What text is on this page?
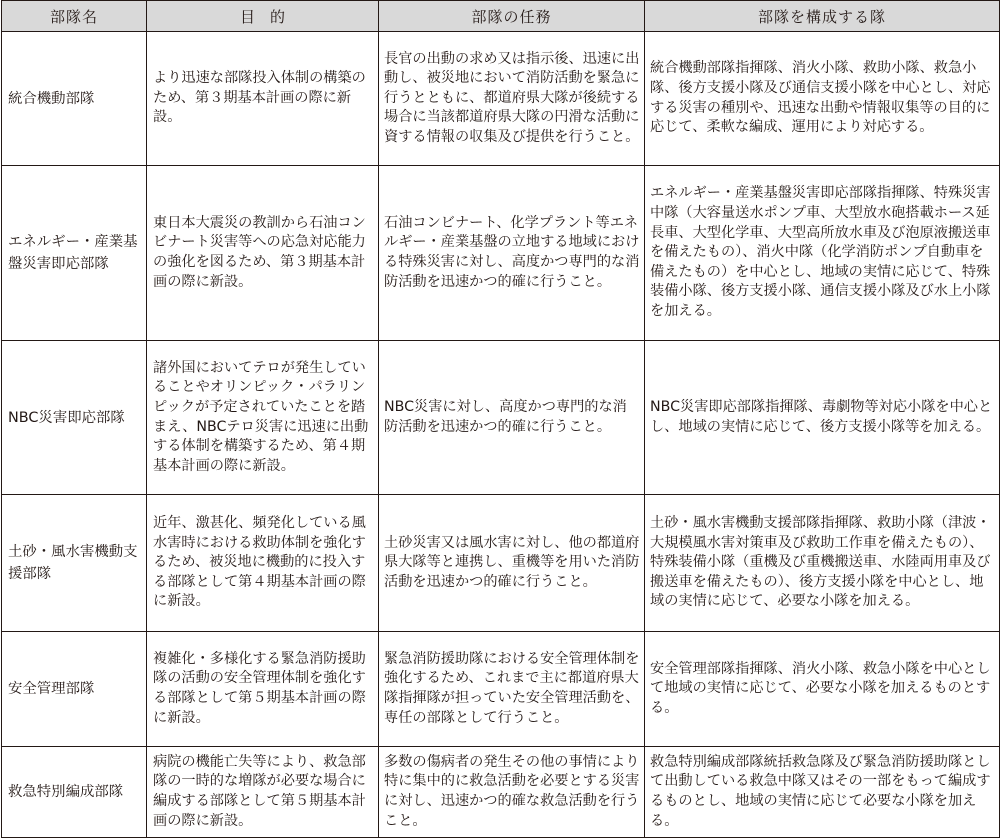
部隊名	目　的	部隊の任務	部隊を構成する隊
統合機動部隊	より迅速な部隊投入体制の構築のため、第３期基本計画の際に新設。	長官の出動の求め又は指示後、迅速に出動し、被災地において消防活動を緊急に行うとともに、都道府県大隊が後続する場合に当該都道府県大隊の円滑な活動に資する情報の収集及び提供を行うこと。	統合機動部隊指揮隊、消火小隊、救助小隊、救急小隊、後方支援小隊及び通信支援小隊を中心とし、対応する災害の種別や、迅速な出動や情報収集等の目的に応じて、柔軟な編成、運用により対応する。
エネルギー・産業基盤災害即応部隊	東日本大震災の教訓から石油コンビナート災害等への応急対応能力の強化を図るため、第３期基本計画の際に新設。	石油コンビナート、化学プラント等エネルギー・産業基盤の立地する地域における特殊災害に対し、高度かつ専門的な消防活動を迅速かつ的確に行うこと。	エネルギー・産業基盤災害即応部隊指揮隊、特殊災害中隊（大容量送水ポンプ車、大型放水砲搭載ホース延長車、大型化学車、大型高所放水車及び泡原液搬送車を備えたもの）、消火中隊（化学消防ポンプ自動車を備えたもの）を中心とし、地域の実情に応じて、特殊装備小隊、後方支援小隊、通信支援小隊及び水上小隊を加える。
NBC災害即応部隊	諸外国においてテロが発生していることやオリンピック・パラリンピックが予定されていたことを踏まえ、NBCテロ災害に迅速に出動する体制を構築するため、第４期基本計画の際に新設。	NBC災害に対し、高度かつ専門的な消防活動を迅速かつ的確に行うこと。	NBC災害即応部隊指揮隊、毒劇物等対応小隊を中心とし、地域の実情に応じて、後方支援小隊等を加える。
土砂・風水害機動支援部隊	近年、激甚化、頻発化している風水害時における救助体制を強化するため、被災地に機動的に投入する部隊として第４期基本計画の際に新設。	土砂災害又は風水害に対し、他の都道府県大隊等と連携し、重機等を用いた消防活動を迅速かつ的確に行うこと。	土砂・風水害機動支援部隊指揮隊、救助小隊（津波・大規模風水害対策車及び救助工作車を備えたもの）、特殊装備小隊（重機及び重機搬送車、水陸両用車及び搬送車を備えたもの）、後方支援小隊を中心とし、地域の実情に応じて、必要な小隊を加える。
安全管理部隊	複雑化・多様化する緊急消防援助隊の活動の安全管理体制を強化する部隊として第５期基本計画の際に新設。	緊急消防援助隊における安全管理体制を強化するため、これまで主に都道府県大隊指揮隊が担っていた安全管理活動を、専任の部隊として行うこと。	安全管理部隊指揮隊、消火小隊、救急小隊を中心として地域の実情に応じて、必要な小隊を加えるものとする。
救急特別編成部隊	病院の機能亡失等により、救急部隊の一時的な増隊が必要な場合に編成する部隊として第５期基本計画の際に新設。	多数の傷病者の発生その他の事情により特に集中的に救急活動を必要とする災害に対し、迅速かつ的確な救急活動を行うこと。	救急特別編成部隊統括救急隊及び緊急消防援助隊として出動している救急中隊又はその一部をもって編成するものとし、地域の実情に応じて必要な小隊を加える。
